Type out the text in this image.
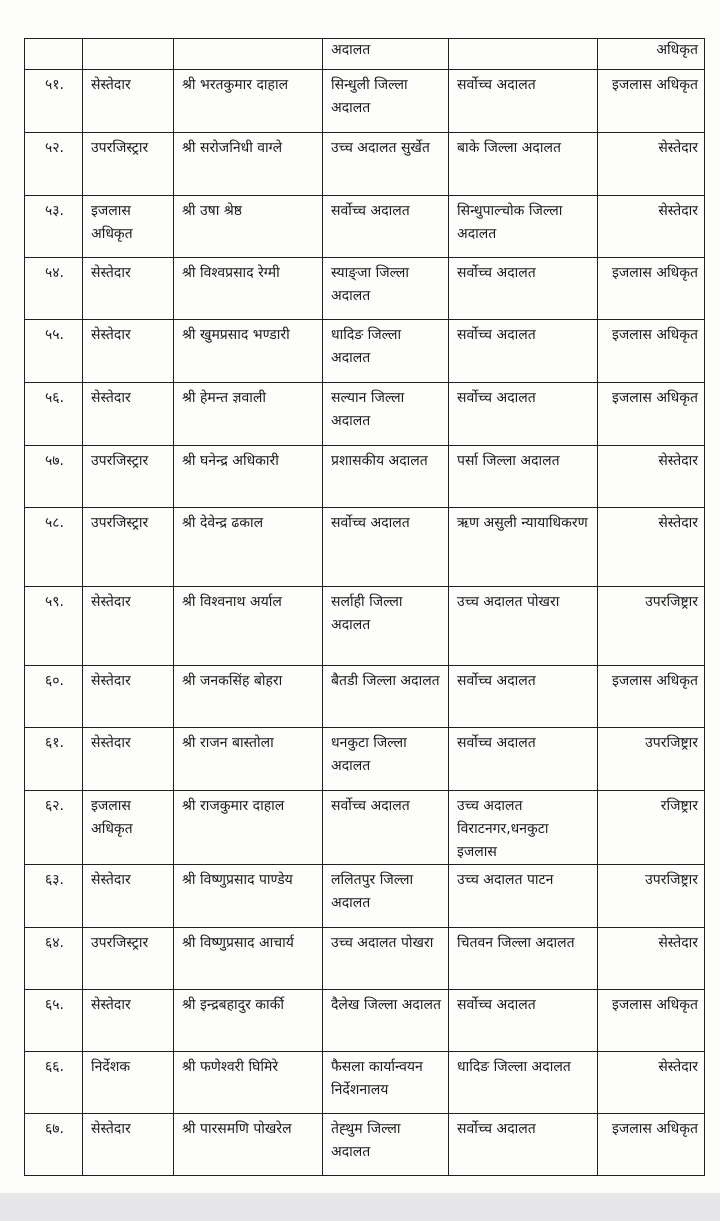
			अदालत		अधिकृत
५१.	सेस्तेदार	श्री भरतकुमार दाहाल	सिन्धुली जिल्ला अदालत	सर्वोच्च अदालत	इजलास अधिकृत
५२.	उपरजिस्ट्रार	श्री सरोजनिधी वाग्ले	उच्च अदालत सुर्खेत	बाके जिल्ला अदालत	सेस्तेदार
५३.	इजलास अधिकृत	श्री उषा श्रेष्ठ	सर्वोच्च अदालत	सिन्धुपाल्चोक जिल्ला अदालत	सेस्तेदार
५४.	सेस्तेदार	श्री विश्वप्रसाद रेग्मी	स्याङ्जा जिल्ला अदालत	सर्वोच्च अदालत	इजलास अधिकृत
५५.	सेस्तेदार	श्री खुमप्रसाद भण्डारी	धादिङ जिल्ला अदालत	सर्वोच्च अदालत	इजलास अधिकृत
५६.	सेस्तेदार	श्री हेमन्त ज्ञवाली	सल्यान जिल्ला अदालत	सर्वोच्च अदालत	इजलास अधिकृत
५७.	उपरजिस्ट्रार	श्री घनेन्द्र अधिकारी	प्रशासकीय अदालत	पर्सा जिल्ला अदालत	सेस्तेदार
५८.	उपरजिस्ट्रार	श्री देवेन्द्र ढकाल	सर्वोच्च अदालत	ऋण असुली न्यायाधिकरण	सेस्तेदार
५९.	सेस्तेदार	श्री विश्वनाथ अर्याल	सर्लाही जिल्ला अदालत	उच्च अदालत पोखरा	उपरजिष्ट्रार
६०.	सेस्तेदार	श्री जनकसिंह बोहरा	बैतडी जिल्ला अदालत	सर्वोच्च अदालत	इजलास अधिकृत
६१.	सेस्तेदार	श्री राजन बास्तोला	धनकुटा जिल्ला अदालत	सर्वोच्च अदालत	उपरजिष्ट्रार
६२.	इजलास अधिकृत	श्री राजकुमार दाहाल	सर्वोच्च अदालत	उच्च अदालत विराटनगर,धनकुटा इजलास	रजिष्ट्रार
६३.	सेस्तेदार	श्री विष्णुप्रसाद पाण्डेय	ललितपुर जिल्ला अदालत	उच्च अदालत पाटन	उपरजिष्ट्रार
६४.	उपरजिस्ट्रार	श्री विष्णुप्रसाद आचार्य	उच्च अदालत पोखरा	चितवन जिल्ला अदालत	सेस्तेदार
६५.	सेस्तेदार	श्री इन्द्रबहादुर कार्की	दैलेख जिल्ला अदालत	सर्वोच्च अदालत	इजलास अधिकृत
६६.	निर्देशक	श्री फणेश्वरी घिमिरे	फैसला कार्यान्वयन निर्देशनालय	धादिङ जिल्ला अदालत	सेस्तेदार
६७.	सेस्तेदार	श्री पारसमणि पोखरेल	तेह्थुम जिल्ला अदालत	सर्वोच्च अदालत	इजलास अधिकृत
